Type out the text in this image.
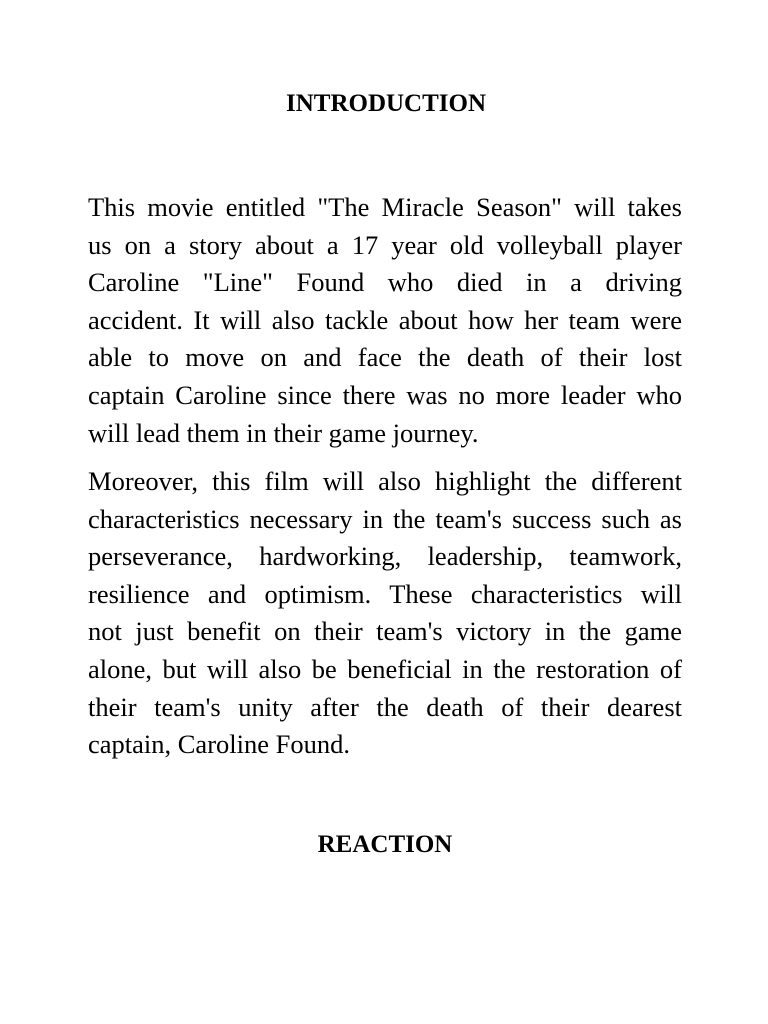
INTRODUCTION
This movie entitled "The Miracle Season" will takes
us on a story about a 17 year old volleyball player
Caroline "Line" Found who died in a driving
accident. It will also tackle about how her team were
able to move on and face the death of their lost
captain Caroline since there was no more leader who
will lead them in their game journey.
Moreover, this film will also highlight the different
characteristics necessary in the team's success such as
perseverance, hardworking, leadership, teamwork,
resilience and optimism. These characteristics will
not just benefit on their team's victory in the game
alone, but will also be beneficial in the restoration of
their team's unity after the death of their dearest
captain, Caroline Found.
REACTION
